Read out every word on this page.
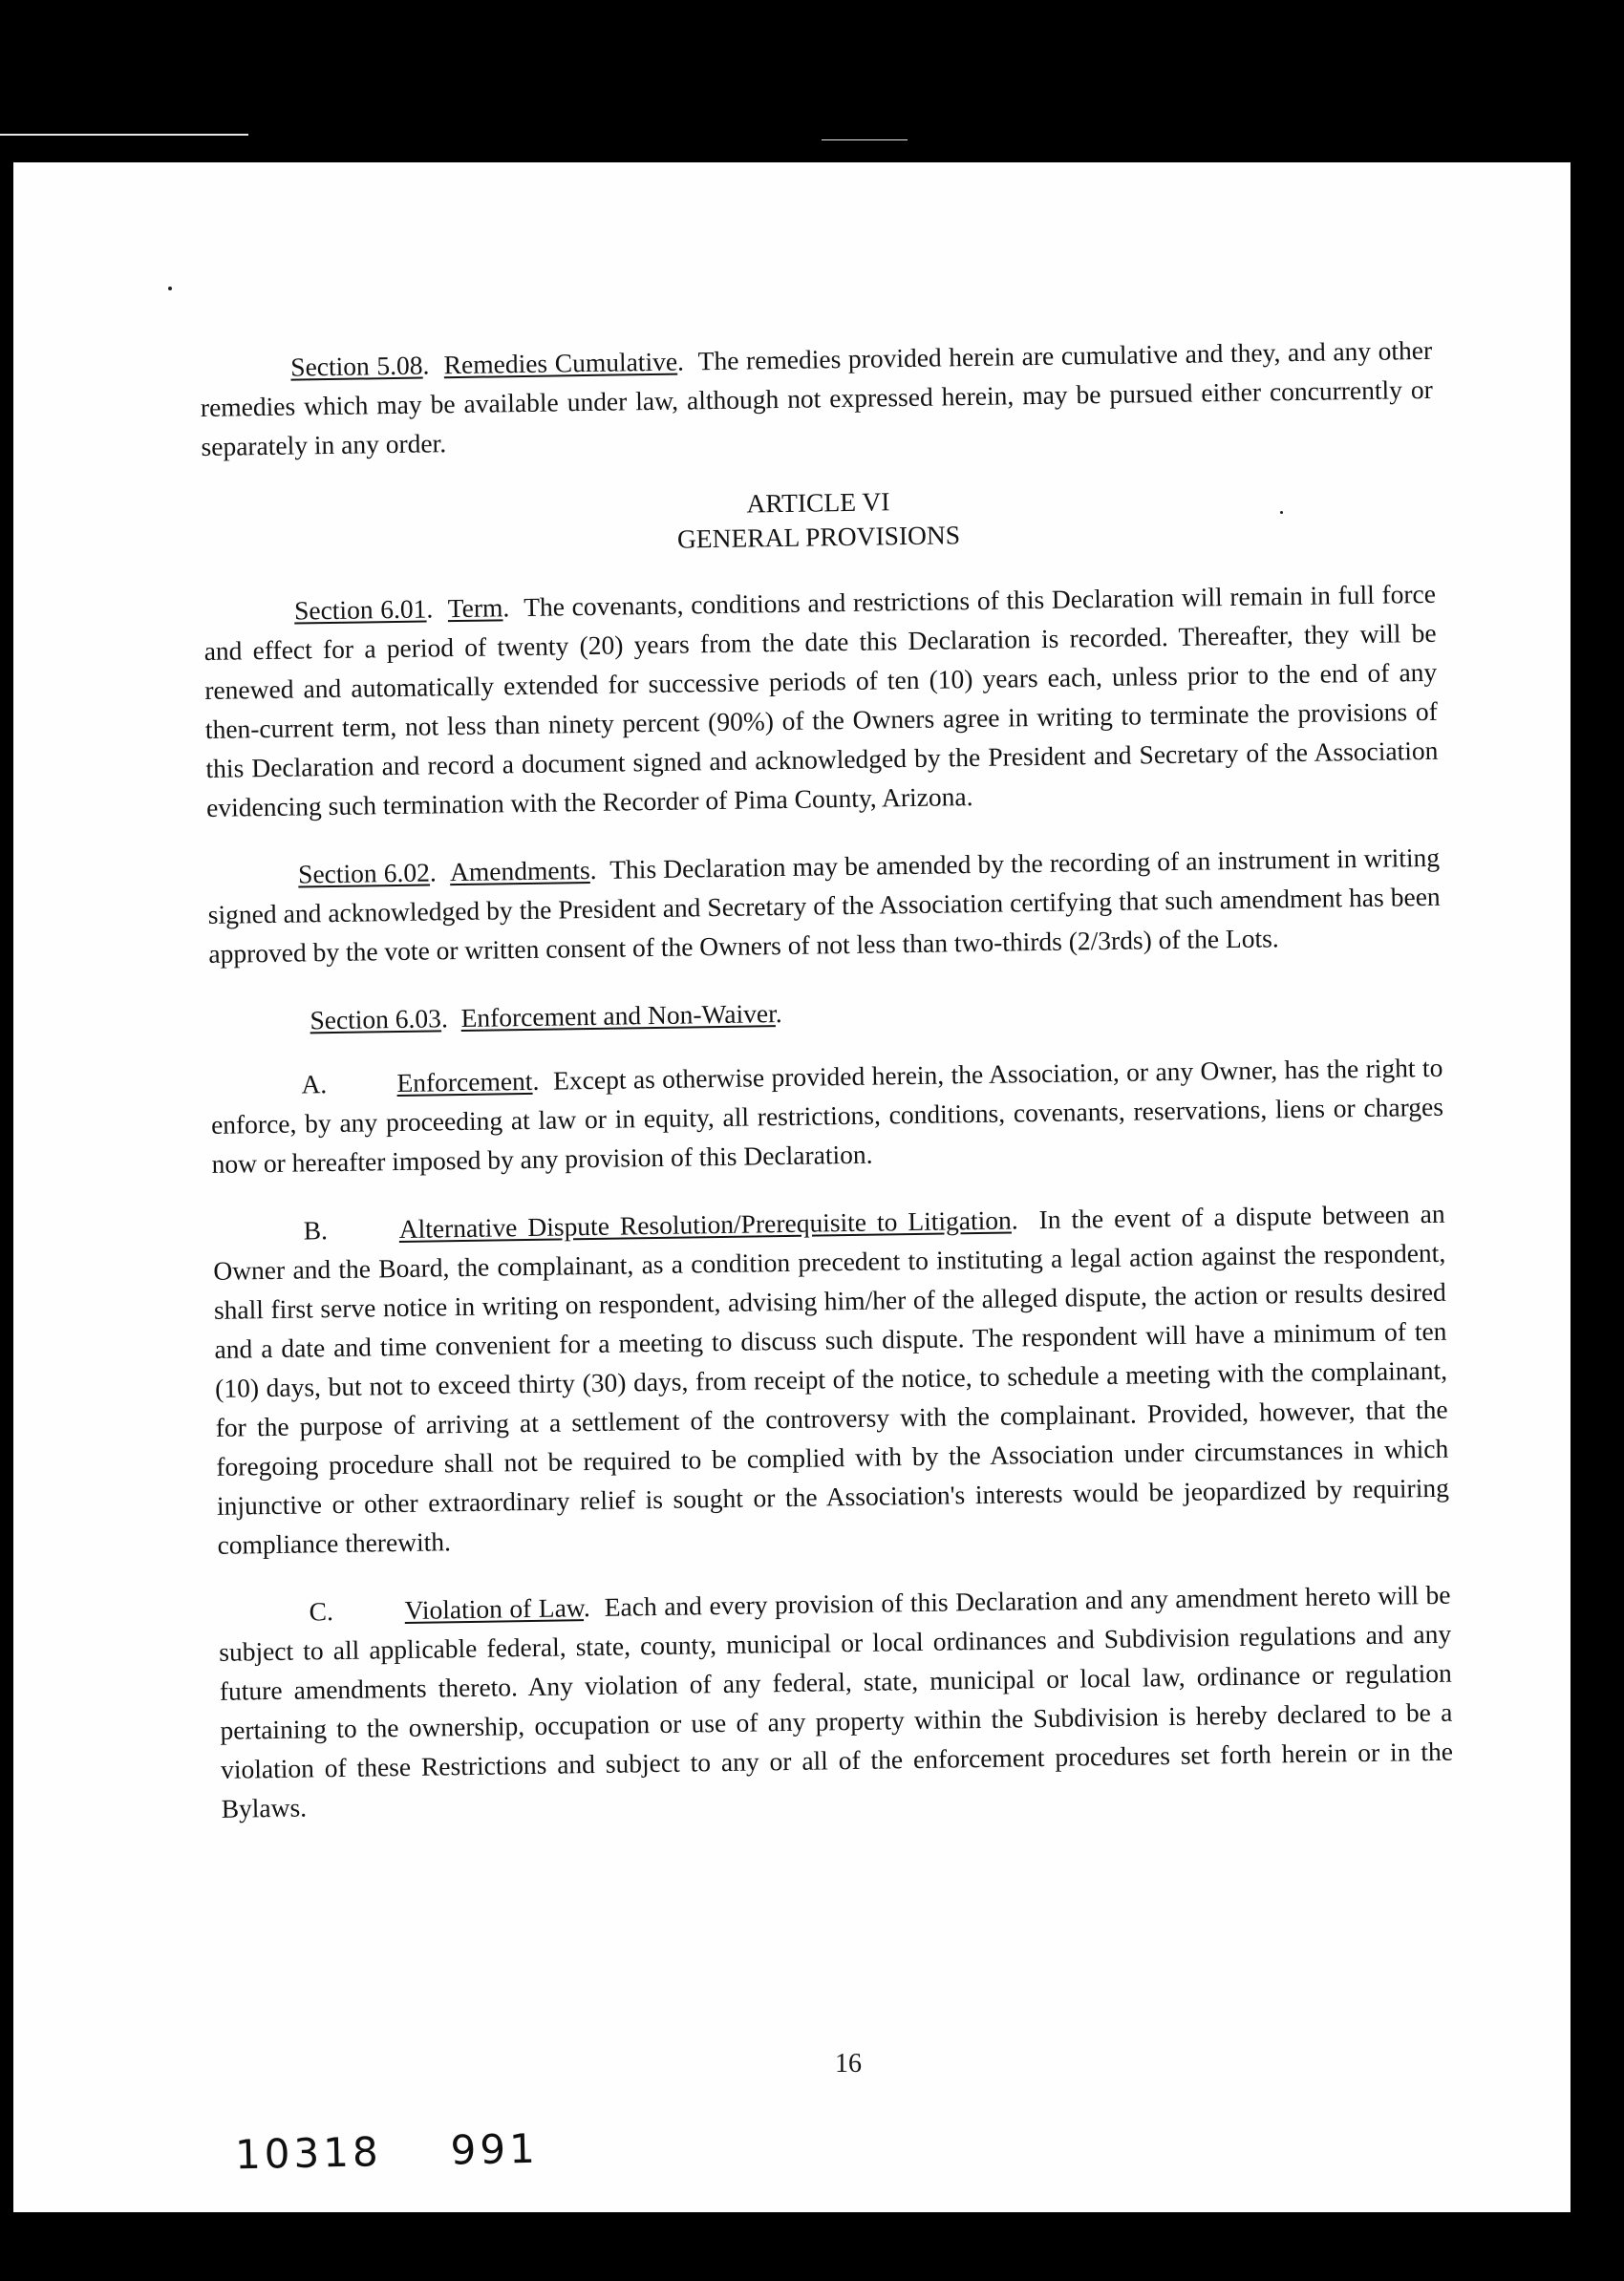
Section 5.08.  Remedies Cumulative.  The remedies provided herein are cumulative and they, and any other remedies which may be available under law, although not expressed herein, may be pursued either concurrently or separately in any order.

ARTICLE VI
GENERAL PROVISIONS

Section 6.01.  Term.  The covenants, conditions and restrictions of this Declaration will remain in full force and effect for a period of twenty (20) years from the date this Declaration is recorded. Thereafter, they will be renewed and automatically extended for successive periods of ten (10) years each, unless prior to the end of any then-current term, not less than ninety percent (90%) of the Owners agree in writing to terminate the provisions of this Declaration and record a document signed and acknowledged by the President and Secretary of the Association evidencing such termination with the Recorder of Pima County, Arizona.

Section 6.02.  Amendments.  This Declaration may be amended by the recording of an instrument in writing signed and acknowledged by the President and Secretary of the Association certifying that such amendment has been approved by the vote or written consent of the Owners of not less than two-thirds (2/3rds) of the Lots.

Section 6.03.  Enforcement and Non-Waiver.

A.	Enforcement.  Except as otherwise provided herein, the Association, or any Owner, has the right to enforce, by any proceeding at law or in equity, all restrictions, conditions, covenants, reservations, liens or charges now or hereafter imposed by any provision of this Declaration.

B.	Alternative Dispute Resolution/Prerequisite to Litigation.  In the event of a dispute between an Owner and the Board, the complainant, as a condition precedent to instituting a legal action against the respondent, shall first serve notice in writing on respondent, advising him/her of the alleged dispute, the action or results desired and a date and time convenient for a meeting to discuss such dispute. The respondent will have a minimum of ten (10) days, but not to exceed thirty (30) days, from receipt of the notice, to schedule a meeting with the complainant, for the purpose of arriving at a settlement of the controversy with the complainant. Provided, however, that the foregoing procedure shall not be required to be complied with by the Association under circumstances in which injunctive or other extraordinary relief is sought or the Association's interests would be jeopardized by requiring compliance therewith.

C.	Violation of Law.  Each and every provision of this Declaration and any amendment hereto will be subject to all applicable federal, state, county, municipal or local ordinances and Subdivision regulations and any future amendments thereto. Any violation of any federal, state, municipal or local law, ordinance or regulation pertaining to the ownership, occupation or use of any property within the Subdivision is hereby declared to be a violation of these Restrictions and subject to any or all of the enforcement procedures set forth herein or in the Bylaws.

16
10318 991
